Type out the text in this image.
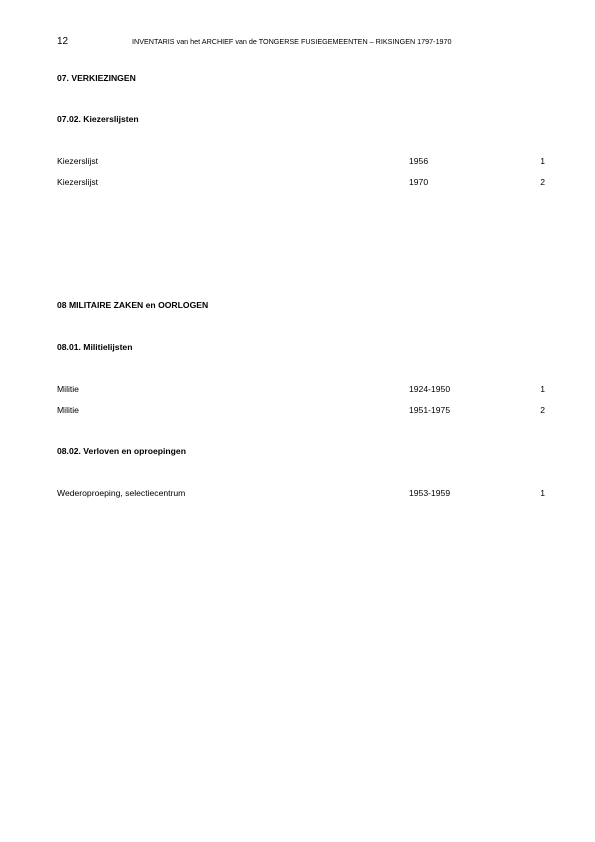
12	INVENTARIS van het ARCHIEF van de TONGERSE FUSIEGEMEENTEN – RIKSINGEN 1797-1970
07. VERKIEZINGEN
07.02. Kiezerslijsten
Kiezerslijst	1956	1
Kiezerslijst	1970	2
08 MILITAIRE ZAKEN en OORLOGEN
08.01. Militielijsten
Militie	1924-1950	1
Militie	1951-1975	2
08.02. Verloven en oproepingen
Wederoproeping, selectiecentrum	1953-1959	1
